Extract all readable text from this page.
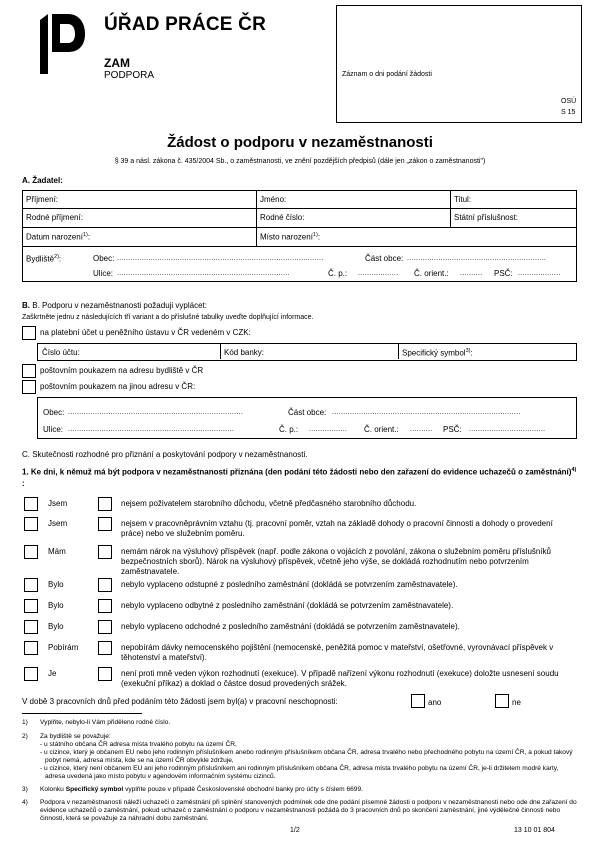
ÚŘAD PRÁCE ČR
ZAM
PODPORA	Záznam o dni podání žádosti
OSÚ
S 15
Žádost o podporu v nezaměstnanosti
§ 39 a násl. zákona č. 435/2004 Sb., o zaměstnanosti, ve znění pozdějších předpisů (dále jen „zákon o zaměstnanosti")
A. Žadatel:
Příjmení:	Jméno:	Titul:
Rodné příjmení:	Rodné číslo:	Státní příslušnost:
Datum narození$^{1)}$:	Místo narození$^{1)}$:
Bydliště$^{2)}$:	Obec: ............................................................................................	Část obce: ..............................................................
Ulice: .............................................................................	Č. p.: ..................	Č. orient.: ..........	PSČ: ...................
B. B. Podporu v nezaměstnanosti požaduji vyplácet:
Zaškrtněte jednu z následujících tří variant a do příslušné tabulky uveďte doplňující informace.
na platební účet u peněžního ústavu v ČR vedeném v CZK:
Číslo účtu:	Kód banky:	Specifický symbol$^{3)}$:
poštovním poukazem na adresu bydliště v ČR
poštovním poukazem na jinou adresu v ČR:
Obec: ..............................................................................	Část obce: ....................................................................................
Ulice: ..........................................................................	Č. p.: .................	Č. orient.: ..........	PSČ: ..................................
C. Skutečnosti rozhodné pro přiznání a poskytování podpory v nezaměstnanosti.
1. Ke dni, k němuž má být podpora v nezaměstnanosti přiznána (den podání této žádosti nebo den zařazení do evidence uchazečů o zaměstnání)$^{4)}$ :
Jsem	nejsem poživatelem starobního důchodu, včetně předčasného starobního důchodu.
Jsem	nejsem v pracovněprávním vztahu (tj. pracovní poměr, vztah na základě dohody o pracovní činnosti a dohody o provedení práce) nebo ve služebním poměru.
Mám	nemám nárok na výsluhový příspěvek (např. podle zákona o vojácích z povolání, zákona o služebním poměru příslušníků bezpečnostních sborů). Nárok na výsluhový příspěvek, včetně jeho výše, se dokládá rozhodnutím nebo potvrzením zaměstnavatele.
Bylo	nebylo vyplaceno odstupné z posledního zaměstnání (dokládá se potvrzením zaměstnavatele).
Bylo	nebylo vyplaceno odbytné z posledního zaměstnání (dokládá se potvrzením zaměstnavatele).
Bylo	nebylo vyplaceno odchodné z posledního zaměstnání (dokládá se potvrzením zaměstnavatele).
Pobírám	nepobírám dávky nemocenského pojištění (nemocenské, peněžitá pomoc v mateřství, ošetřovné, vyrovnávací příspěvek v těhotenství a mateřství).
Je	není proti mně veden výkon rozhodnutí (exekuce). V případě nařízení výkonu rozhodnutí (exekuce) doložte usnesení soudu (exekuční příkaz) a doklad o částce dosud provedených srážek.
V době 3 pracovních dnů před podáním této žádosti jsem byl(a) v pracovní neschopnosti:	ano	ne
1) Vyplňte, nebylo-li Vám přiděleno rodné číslo.
2) Za bydliště se považuje:
- u státního občana ČR adresa místa trvalého pobytu na území ČR,
- u cizince, který je občanem EU nebo jeho rodinným příslušníkem anebo rodinným příslušníkem občana ČR, adresa trvalého nebo přechodného pobytu na území ČR, a pokud takový pobyt nemá, adresa místa, kde se na území ČR obvykle zdržuje,
- u cizince, který není občanem EU ani jeho rodinným příslušníkem ani rodinným příslušníkem občana ČR, adresa místa trvalého pobytu na území ČR, je-li držitelem modré karty, adresa uvedená jako místo pobytu v agendovém informačním systému cizinců.
3) Kolonku Specifický symbol vyplňte pouze v případě Československé obchodní banky pro účty s číslem 6699.
4) Podpora v nezaměstnanosti náleží uchazeči o zaměstnání při splnění stanovených podmínek ode dne podání písemné žádosti o podporu v nezaměstnanosti nebo ode dne zařazení do evidence uchazečů o zaměstnání, pokud uchazeč o zaměstnání o podporu v nezaměstnanosti požádá do 3 pracovních dnů po skončení zaměstnání, jiné výdělečné činnosti nebo činnosti, která se považuje za náhradní dobu zaměstnání.
1/2	13 10 01 804
